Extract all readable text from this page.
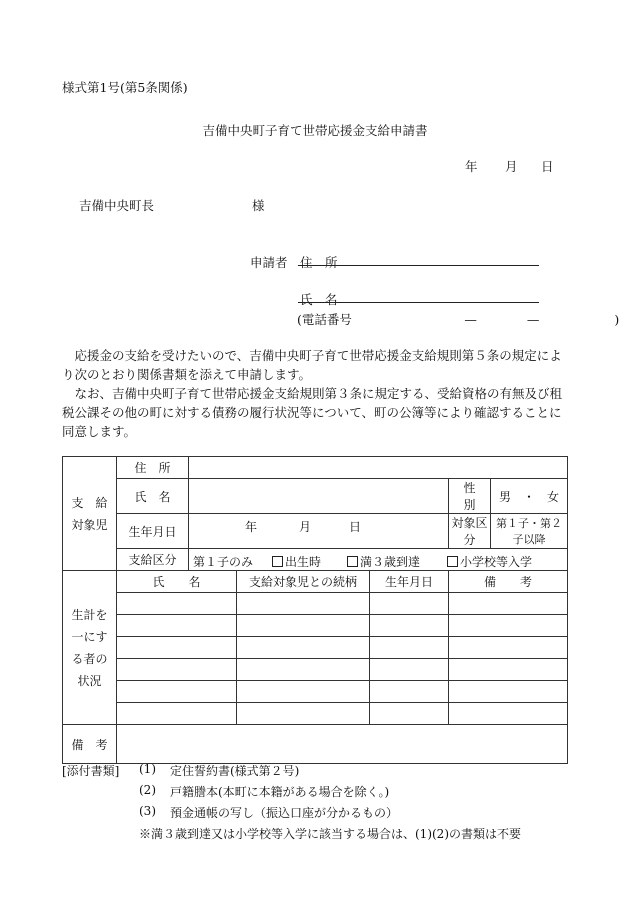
様式第1号(第5条関係)
吉備中央町子育て世帯応援金支給申請書
年 月 日
吉備中央町長	様
申請者 住　所
氏　名
(電話番号　　　　　　　　　—　　　　—　　　　　　)

応援金の支給を受けたいので、吉備中央町子育て世帯応援金支給規則第５条の規定により次のとおり関係書類を添えて申請します。

なお、吉備中央町子育て世帯応援金支給規則第３条に規定する、受給資格の有無及び租税公課その他の町に対する債務の履行状況等について、町の公簿等により確認することに同意します。

支　給
対象児	住　所					
	氏　名				性　　別	男　・　女
	生年月日	年 月 日			対象区分	第１子・第２子以降
	支給区分	第１子のみ 出生時 満３歳到達 小学校等入学				

生計を
一にす
る者の
状況	氏　　名		支給対象児との続柄	生年月日	備　　考	

備　考						
[添付書類] (1) 定住誓約書(様式第２号)
(2) 戸籍謄本(本町に本籍がある場合を除く。)
(3) 預金通帳の写し（振込口座が分かるもの）
※満３歳到達又は小学校等入学に該当する場合は、(1)(2)の書類は不要
